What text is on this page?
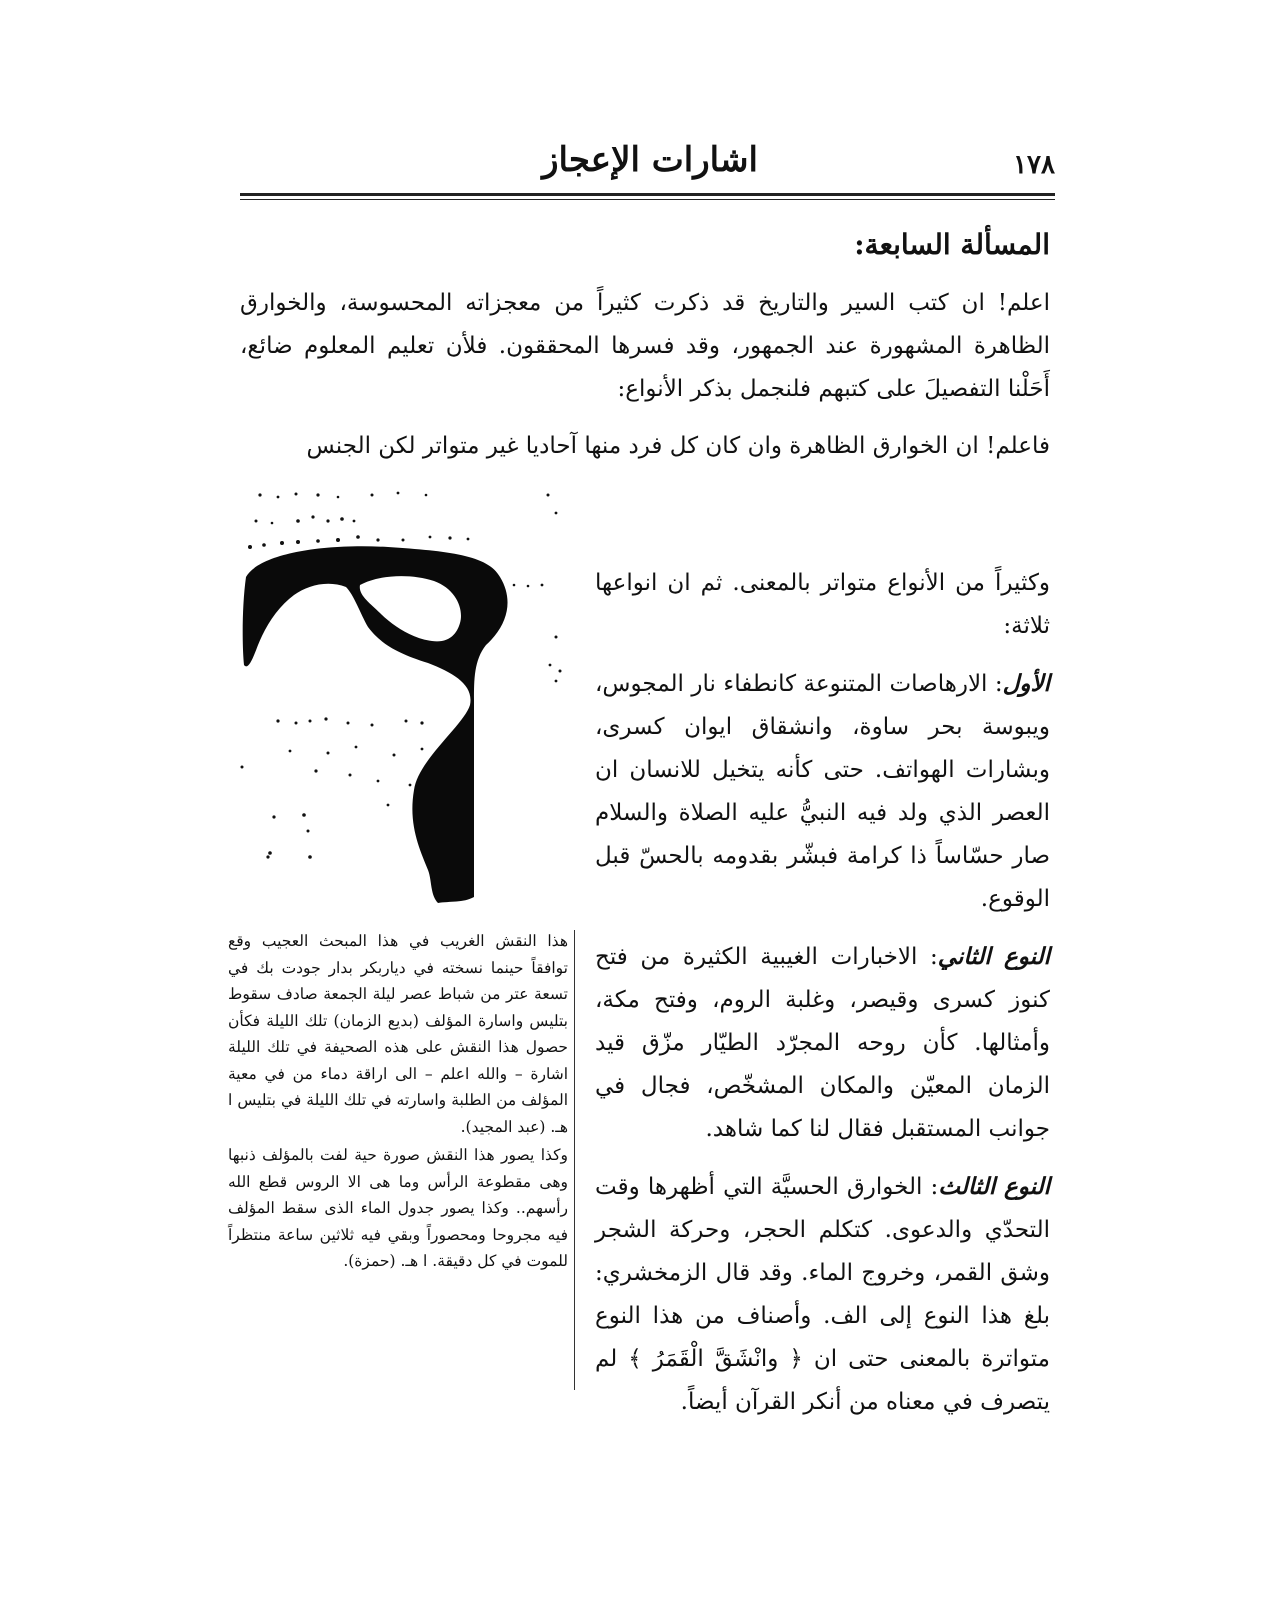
١٧٨
اشارات الإعجاز
المسألة السابعة:

اعلم! ان كتب السير والتاريخ قد ذكرت كثيراً من معجزاته المحسوسة، والخوارق الظاهرة المشهورة عند الجمهور، وقد فسرها المحققون. فلأن تعليم المعلوم ضائع، أَحَلْنا التفصيلَ على كتبهم فلنجمل بذكر الأنواع:

فاعلم! ان الخوارق الظاهرة وان كان كل فرد منها آحاديا غير متواتر لكن الجنس

وكثيراً من الأنواع متواتر بالمعنى. ثم ان انواعها ثلاثة:

الأول: الارهاصات المتنوعة كانطفاء نار المجوس، ويبوسة بحر ساوة، وانشقاق ايوان كسرى، وبشارات الهواتف. حتى كأنه يتخيل للانسان ان العصر الذي ولد فيه النبيُّ عليه الصلاة والسلام صار حسّاساً ذا كرامة فبشّر بقدومه بالحسّ قبل الوقوع.

النوع الثاني: الاخبارات الغيبية الكثيرة من فتح كنوز كسرى وقيصر، وغلبة الروم، وفتح مكة، وأمثالها. كأن روحه المجرّد الطيّار مزّق قيد الزمان المعيّن والمكان المشخّص، فجال في جوانب المستقبل فقال لنا كما شاهد.

النوع الثالث: الخوارق الحسيَّة التي أظهرها وقت التحدّي والدعوى. كتكلم الحجر، وحركة الشجر وشق القمر، وخروج الماء. وقد قال الزمخشري: بلغ هذا النوع إلى الف. وأصناف من هذا النوع متواترة بالمعنى حتى ان ﴿ وانْشَقَّ الْقَمَرُ ﴾ لم يتصرف في معناه من أنكر القرآن أيضاً.

هذا النقش الغريب في هذا المبحث العجيب وقع توافقاً حينما نسخته في دياربكر بدار جودت بك في تسعة عتر من شباط عصر ليلة الجمعة صادف سقوط بتليس واسارة المؤلف (بديع الزمان) تلك الليلة فكأن حصول هذا النقش على هذه الصحيفة في تلك الليلة اشارة – والله اعلم – الى اراقة دماء من في معية المؤلف من الطلبة واسارته في تلك الليلة في بتليس ا هـ. (عبد المجيد).

وكذا يصور هذا النقش صورة حية لفت بالمؤلف ذنبها وهى مقطوعة الرأس وما هى الا الروس قطع الله رأسهم.. وكذا يصور جدول الماء الذى سقط المؤلف فيه مجروحا ومحصوراً وبقي فيه ثلاثين ساعة منتظراً للموت في كل دقيقة. ا هـ. (حمزة).
